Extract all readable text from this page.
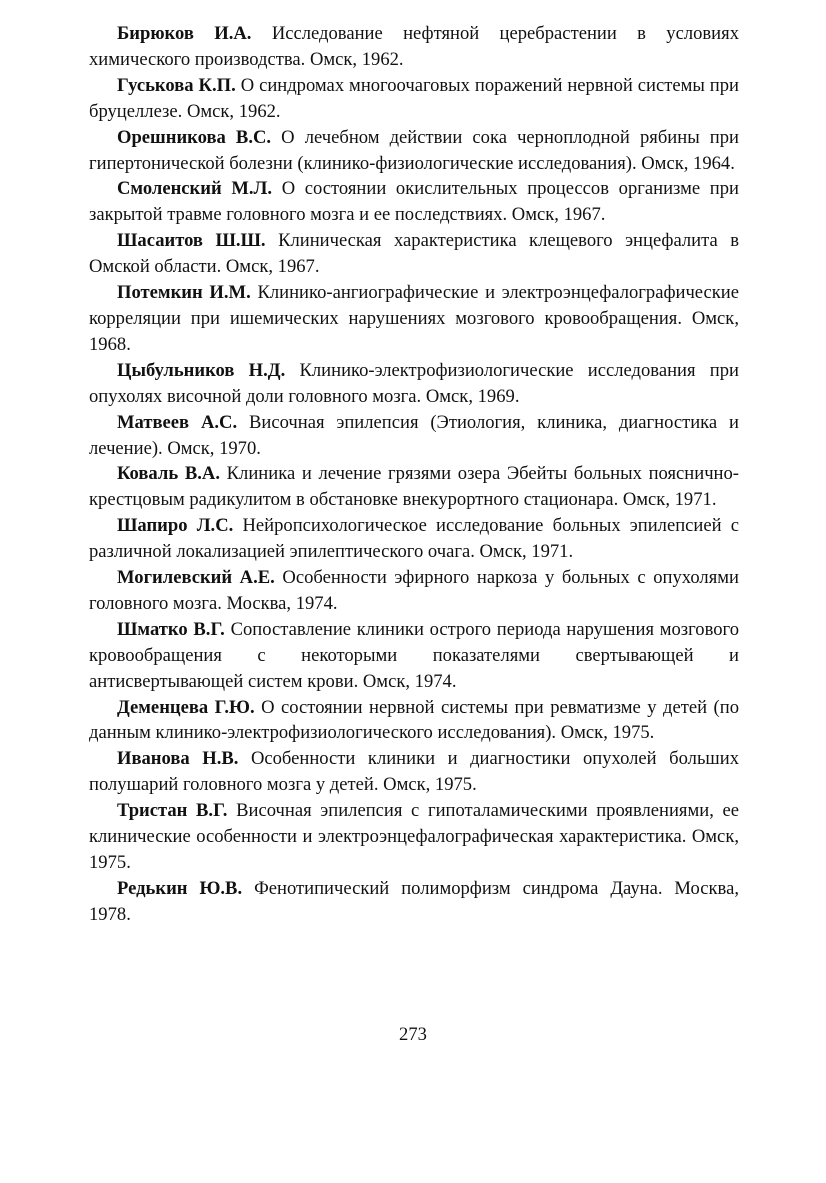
Бирюков И.А. Исследование нефтяной церебрастении в условиях химического производства. Омск, 1962.

Гуськова К.П. О синдромах многоочаговых поражений нервной системы при бруцеллезе. Омск, 1962.

Орешникова В.С. О лечебном действии сока черноплодной рябины при гипертонической болезни (клинико-физиологические исследования). Омск, 1964.

Смоленский М.Л. О состоянии окислительных процессов организме при закрытой травме головного мозга и ее последствиях. Омск, 1967.

Шасаитов Ш.Ш. Клиническая характеристика клещевого энцефалита в Омской области. Омск, 1967.

Потемкин И.М. Клинико-ангиографические и электроэнцефалографические корреляции при ишемических нарушениях мозгового кровообращения. Омск, 1968.

Цыбульников Н.Д. Клинико-электрофизиологические исследования при опухолях височной доли головного мозга. Омск, 1969.

Матвеев А.С. Височная эпилепсия (Этиология, клиника, диагностика и лечение). Омск, 1970.

Коваль В.А. Клиника и лечение грязями озера Эбейты больных пояснично-крестцовым радикулитом в обстановке внекурортного стационара. Омск, 1971.

Шапиро Л.С. Нейропсихологическое исследование больных эпилепсией с различной локализацией эпилептического очага. Омск, 1971.

Могилевский А.Е. Особенности эфирного наркоза у больных с опухолями головного мозга. Москва, 1974.

Шматко В.Г. Сопоставление клиники острого периода нарушения мозгового кровообращения с некоторыми показателями свертывающей и антисвертывающей систем крови. Омск, 1974.

Деменцева Г.Ю. О состоянии нервной системы при ревматизме у детей (по данным клинико-электрофизиологического исследования). Омск, 1975.

Иванова Н.В. Особенности клиники и диагностики опухолей больших полушарий головного мозга у детей. Омск, 1975.

Тристан В.Г. Височная эпилепсия с гипоталамическими проявлениями, ее клинические особенности и электроэнцефалографическая характеристика. Омск, 1975.

Редькин Ю.В. Фенотипический полиморфизм синдрома Дауна. Москва, 1978.

273
